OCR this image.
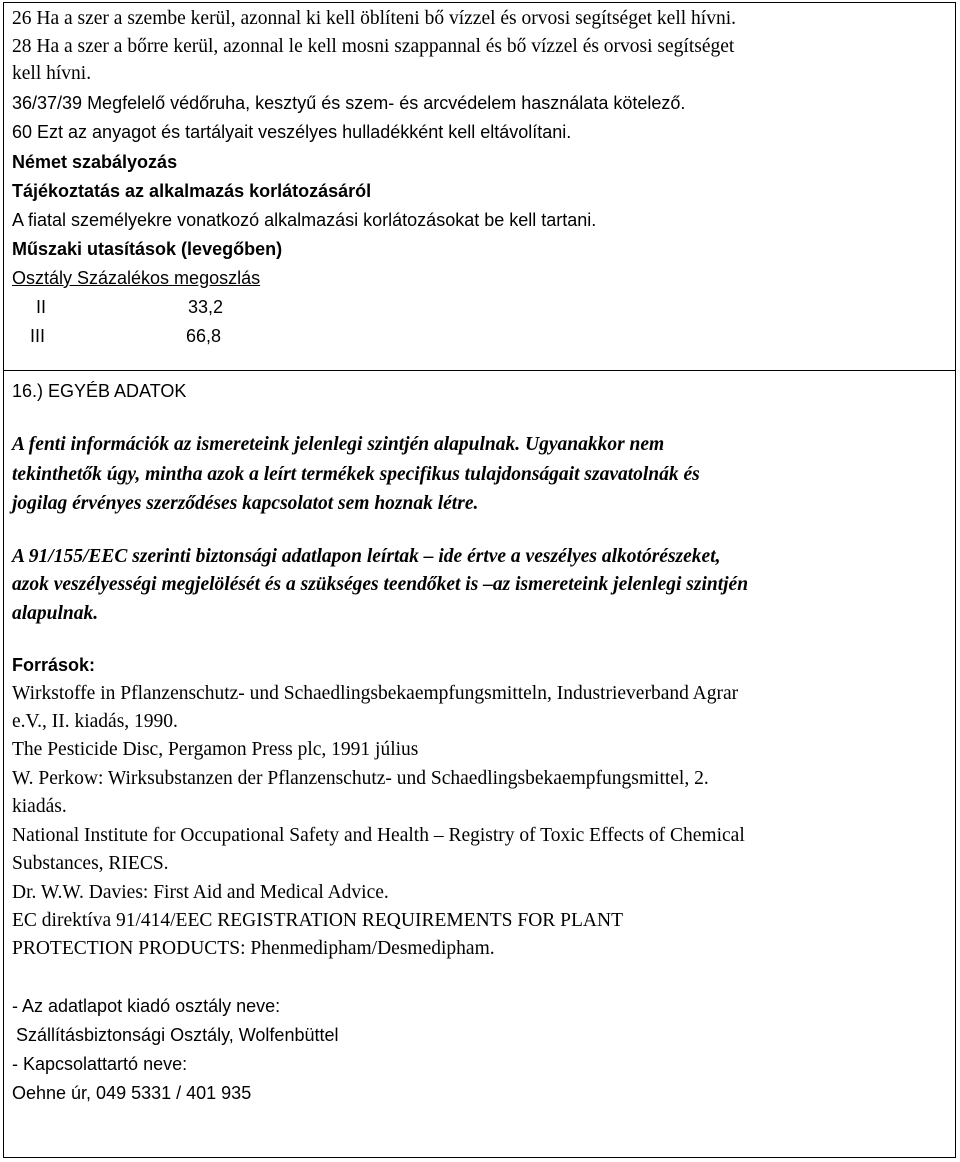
26 Ha a szer a szembe kerül, azonnal ki kell öblíteni bő vízzel és orvosi segítséget kell hívni.
28 Ha a szer a bőrre kerül, azonnal le kell mosni szappannal és bő vízzel és orvosi segítséget
kell hívni.
36/37/39 Megfelelő védőruha, kesztyű és szem- és arcvédelem használata kötelező.
60 Ezt az anyagot és tartályait veszélyes hulladékként kell eltávolítani.
Német szabályozás
Tájékoztatás az alkalmazás korlátozásáról
A fiatal személyekre vonatkozó alkalmazási korlátozásokat be kell tartani.
Műszaki utasítások (levegőben)
Osztály Százalékos megoszlás
II	33,2
III	66,8
16.) EGYÉB ADATOK
A fenti információk az ismereteink jelenlegi szintjén alapulnak. Ugyanakkor nem
tekinthetők úgy, mintha azok a leírt termékek specifikus tulajdonságait szavatolnák és
jogilag érvényes szerződéses kapcsolatot sem hoznak létre.
A 91/155/EEC szerinti biztonsági adatlapon leírtak – ide értve a veszélyes alkotórészeket,
azok veszélyességi megjelölését és a szükséges teendőket is –az ismereteink jelenlegi szintjén
alapulnak.
Források:
Wirkstoffe in Pflanzenschutz- und Schaedlingsbekaempfungsmitteln, Industrieverband Agrar
e.V., II. kiadás, 1990.
The Pesticide Disc, Pergamon Press plc, 1991 július
W. Perkow: Wirksubstanzen der Pflanzenschutz- und Schaedlingsbekaempfungsmittel, 2.
kiadás.
National Institute for Occupational Safety and Health – Registry of Toxic Effects of Chemical
Substances, RIECS.
Dr. W.W. Davies: First Aid and Medical Advice.
EC direktíva 91/414/EEC REGISTRATION REQUIREMENTS FOR PLANT
PROTECTION PRODUCTS: Phenmedipham/Desmedipham.
- Az adatlapot kiadó osztály neve:
Szállításbiztonsági Osztály, Wolfenbüttel
- Kapcsolattartó neve:
Oehne úr, 049 5331 / 401 935
